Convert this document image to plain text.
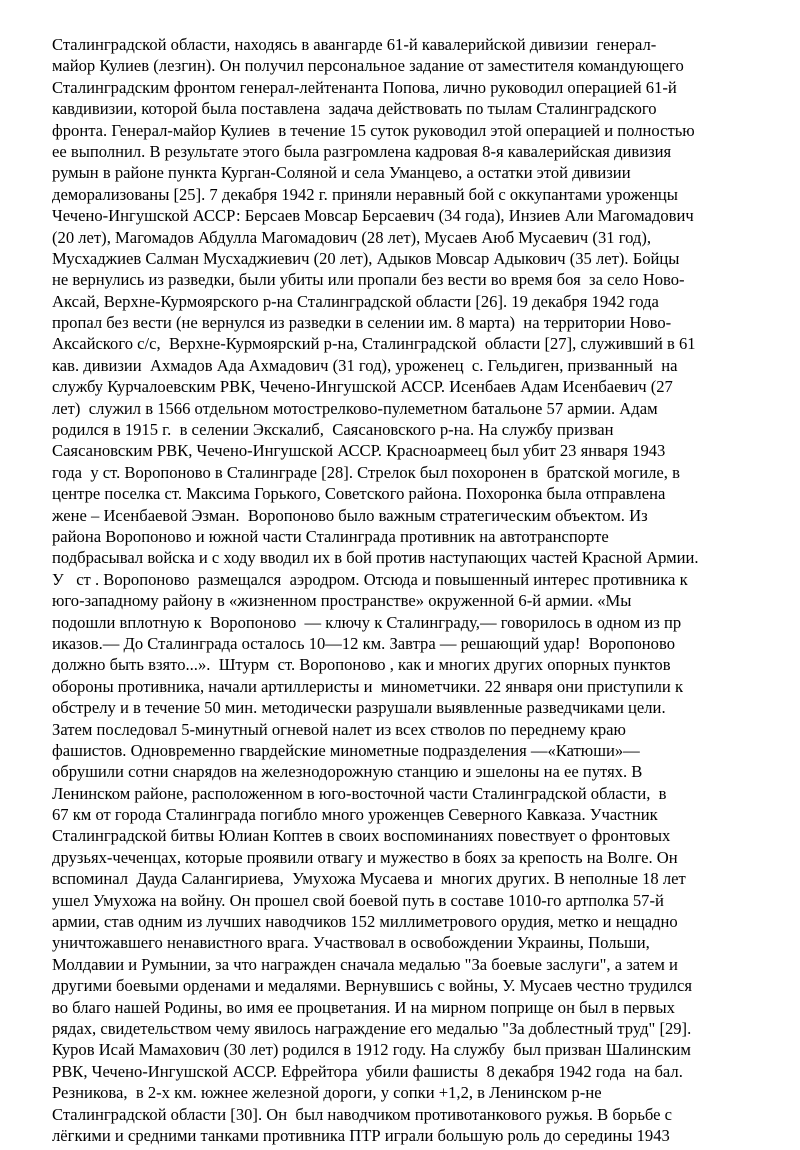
Сталинградской области, находясь в авангарде 61-й кавалерийской дивизии  генерал-
майор Кулиев (лезгин). Он получил персональное задание от заместителя командующего
Сталинградским фронтом генерал-лейтенанта Попова, лично руководил операцией 61-й
кавдивизии, которой была поставлена  задача действовать по тылам Сталинградского
фронта. Генерал-майор Кулиев  в течение 15 суток руководил этой операцией и полностью
ее выполнил. В результате этого была разгромлена кадровая 8-я кавалерийская дивизия
румын в районе пункта Курган-Соляной и села Уманцево, а остатки этой дивизии
деморализованы [25]. 7 декабря 1942 г. приняли неравный бой с оккупантами уроженцы
Чечено-Ингушской АССР: Берсаев Мовсар Берсаевич (34 года), Инзиев Али Магомадович
(20 лет), Магомадов Абдулла Магомадович (28 лет), Мусаев Аюб Мусаевич (31 год),
Мусхаджиев Салман Мусхаджиевич (20 лет), Адыков Мовсар Адыкович (35 лет). Бойцы
не вернулись из разведки, были убиты или пропали без вести во время боя  за село Ново-
Аксай, Верхне-Курмоярского р-на Сталинградской области [26]. 19 декабря 1942 года
пропал без вести (не вернулся из разведки в селении им. 8 марта)  на территории Ново-
Аксайского с/с,  Верхне-Курмоярский р-на, Сталинградской  области [27], служивший в 61
кав. дивизии  Ахмадов Ада Ахмадович (31 год), уроженец  с. Гельдиген, призванный  на
службу Курчалоевским РВК, Чечено-Ингушской АССР. Исенбаев Адам Исенбаевич (27
лет)  служил в 1566 отдельном мотострелково-пулеметном батальоне 57 армии. Адам
родился в 1915 г.  в селении Экскалиб,  Саясановского р-на. На службу призван
Саясановским РВК, Чечено-Ингушской АССР. Красноармеец был убит 23 января 1943
года  у ст. Воропоново в Сталинграде [28]. Стрелок был похоронен в  братской могиле, в
центре поселка ст. Максима Горького, Советского района. Похоронка была отправлена
жене – Исенбаевой Эзман.  Воропоново было важным стратегическим объектом. Из
района Воропоново и южной части Сталинграда противник на автотранспорте
подбрасывал войска и с ходу вводил их в бой против наступающих частей Красной Армии.
У   ст . Воропоново  размещался  аэродром. Отсюда и повышенный интерес противника к
юго-западному району в «жизненном пространстве» окруженной 6-й армии. «Мы
подошли вплотную к  Воропоново  — ключу к Сталинграду,— говорилось в одном из пр
иказов.— До Сталинграда осталось 10—12 км. Завтра — решающий удар!  Воропоново
должно быть взято...».  Штурм  ст. Воропоново , как и многих других опорных пунктов
обороны противника, начали артиллеристы и  минометчики. 22 января они приступили к
обстрелу и в течение 50 мин. методически разрушали выявленные разведчиками цели.
Затем последовал 5-минутный огневой налет из всех стволов по переднему краю
фашистов. Одновременно гвардейские минометные подразделения —«Катюши»—
обрушили сотни снарядов на железнодорожную станцию и эшелоны на ее путях. В
Ленинском районе, расположенном в юго-восточной части Сталинградской области,  в
67 км от города Сталинграда погибло много уроженцев Северного Кавказа. Участник
Сталинградской битвы Юлиан Коптев в своих воспоминаниях повествует о фронтовых
друзьях-чеченцах, которые проявили отвагу и мужество в боях за крепость на Волге. Он
вспоминал  Дауда Салангириева,  Умухожа Мусаева и  многих других. В неполные 18 лет
ушел Умухожа на войну. Он прошел свой боевой путь в составе 1010-го артполка 57-й
армии, став одним из лучших наводчиков 152 миллиметрового орудия, метко и нещадно
уничтожавшего ненавистного врага. Участвовал в освобождении Украины, Польши,
Молдавии и Румынии, за что награжден сначала медалью "За боевые заслуги", а затем и
другими боевыми орденами и медалями. Вернувшись с войны, У. Мусаев честно трудился
во благо нашей Родины, во имя ее процветания. И на мирном поприще он был в первых
рядах, свидетельством чему явилось награждение его медалью "За доблестный труд" [29].
Куров Исай Мамахович (30 лет) родился в 1912 году. На службу  был призван Шалинским
РВК, Чечено-Ингушской АССР. Ефрейтора  убили фашисты  8 декабря 1942 года  на бал.
Резникова,  в 2-х км. южнее железной дороги, у сопки +1,2, в Ленинском р-не
Сталинградской области [30]. Он  был наводчиком противотанкового ружья. В борьбе с
лёгкими и средними танками противника ПТР играли большую роль до середины 1943
